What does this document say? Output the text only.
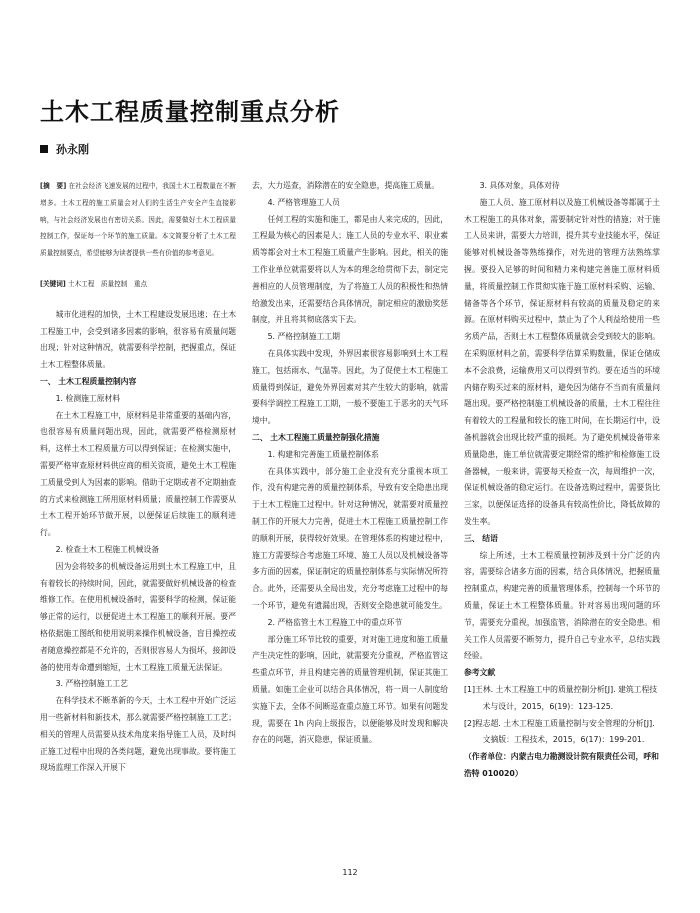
土木工程质量控制重点分析
孙永刚

[摘　要] 在社会经济飞速发展的过程中，我国土木工程数量在不断增多。土木工程的施工质量会对人们的生活生产安全产生直接影响，与社会经济发展也有密切关系。因此，需要做好土木工程质量控制工作，保证每一个环节的施工质量。本文简要分析了土木工程质量控制要点，希望能够为读者提供一些有价值的参考意见。

[关键词] 土木工程　质量控制　重点

城市化进程的加快，土木工程建设发展迅速；在土木工程施工中，会受到诸多因素的影响，很容易有质量问题出现；针对这种情况，就需要科学控制，把握重点，保证土木工程整体质量。

一、 土木工程质量控制内容

1. 检测施工原材料

在土木工程施工中，原材料是非常重要的基础内容，也很容易有质量问题出现，因此，就需要严格检测原材料，这样土木工程质量方可以得到保证；在检测实施中，需要严格审查原材料供应商的相关资质，避免土木工程施工质量受到人为因素的影响。借助于定期或者不定期抽查的方式来检测施工所用原材料质量；质量控制工作需要从土木工程开始环节做开展，以便保证后续施工的顺利进行。

2. 检查土木工程施工机械设备

因为会将较多的机械设备运用到土木工程施工中，且有着较长的持续时间，因此，就需要做好机械设备的检查维修工作。在使用机械设备时，需要科学的检测，保证能够正常的运行，以便促进土木工程施工的顺利开展。要严格依据施工图纸和使用说明来操作机械设备，盲目操控或者随意操控都是不允许的，否则很容易人为损坏，接卸设备的使用寿命遭到缩短，土木工程施工质量无法保证。

3. 严格控制施工工艺

在科学技术不断革新的今天，土木工程中开始广泛运用一些新材料和新技术，那么就需要严格控制施工工艺；相关的管理人员需要从技术角度来指导施工人员，及时纠正施工过程中出现的各类问题，避免出现事故。要将施工现场监理工作深入开展下

去，大力巡查，消除潜在的安全隐患，提高施工质量。

4. 严格管理施工人员

任何工程的实施和施工，都是由人来完成的，因此，工程最为核心的因素是人；施工人员的专业水平、职业素质等都会对土木工程施工质量产生影响。因此，相关的施工作业单位就需要将以人为本的理念给贯彻下去，制定完善相应的人员管理制度，为了将施工人员的积极性和热情给激发出来，还需要结合具体情况，制定相应的激励奖惩制度，并且将其彻底落实下去。

5. 严格控制施工工期

在具体实践中发现，外界因素很容易影响到土木工程施工，包括雨水、气温等。因此，为了促使土木工程施工质量得到保证，避免外界因素对其产生较大的影响，就需要科学调控工程施工工期，一般不要施工于恶劣的天气环境中。

二、 土木工程施工质量控制强化措施

1. 构建和完善施工质量控制体系

在具体实践中，部分施工企业没有充分重视本项工作，没有构建完善的质量控制体系，导致有安全隐患出现于土木工程施工过程中。针对这种情况，就需要对质量控制工作的开展大力完善，促进土木工程施工质量控制工作的顺利开展，获得较好效果。在管理体系的构建过程中，施工方需要综合考虑施工环境、施工人员以及机械设备等多方面的因素，保证制定的质量控制体系与实际情况所符合。此外，还需要从全局出发，充分考虑施工过程中的每一个环节，避免有遗漏出现，否则安全隐患就可能发生。

2. 严格监管土木工程施工中的重点环节

部分施工环节比较的重要，对对施工进度和施工质量产生决定性的影响，因此，就需要充分重视，严格监管这些重点环节，并且构建完善的质量管理机制，保证其施工质量。如施工企业可以结合具体情况，将一周一人制度给实施下去，全体不间断巡查重点施工环节。如果有问题发现，需要在 1h 内向上级报告，以便能够及时发现和解决存在的问题，消灭隐患，保证质量。

3. 具体对象，具体对待

施工人员、施工原材料以及施工机械设备等都属于土木工程施工的具体对象，需要制定针对性的措施；对于施工人员来讲，需要大力培训，提升其专业技能水平，保证能够对机械设备等熟练操作，对先进的管理方法熟练掌握。要投入足够的时间和精力来构建完善施工原材料质量，将质量控制工作贯彻实施于施工原材料采购、运输、储备等各个环节，保证原材料有较高的质量及稳定的来源。在原材料购买过程中，禁止为了个人利益给使用一些劣质产品，否则土木工程整体质量就会受到较大的影响。在采购原材料之前，需要科学估算采购数量，保证仓储成本不会浪费，运输费用又可以得到节约。要在适当的环境内储存购买过来的原材料，避免因为储存不当而有质量问题出现。要严格控制施工机械设备的质量，土木工程往往有着较大的工程量和较长的施工时间，在长期运行中，设备机器就会出现比较严重的损耗。为了避免机械设备带来质量隐患，施工单位就需要定期经常的维护和检修施工设备器械，一般来讲，需要每天检查一次，每周维护一次，保证机械设备的稳定运行。在设备选购过程中，需要货比三家，以便保证选择的设备具有较高性价比，降低故障的发生率。

三、 结语

综上所述，土木工程质量控制涉及到十分广泛的内容，需要综合诸多方面的因素，结合具体情况，把握质量控制重点，构建完善的质量管理体系，控制每一个环节的质量，保证土木工程整体质量。针对容易出现问题的环节，需要充分重视，加强监管，消除潜在的安全隐患。相关工作人员需要不断努力，提升自己专业水平，总结实践经验。

参考文献

[1]王林. 土木工程施工中的质量控制分析[J]. 建筑工程技术与设计，2015，6(19)：123-125.

[2]程志超. 土木工程施工质量控制与安全管理的分析[J]. 文摘版：工程技术，2015，6(17)：199-201.

（作者单位：内蒙古电力勘测设计院有限责任公司，呼和浩特 010020）

112
